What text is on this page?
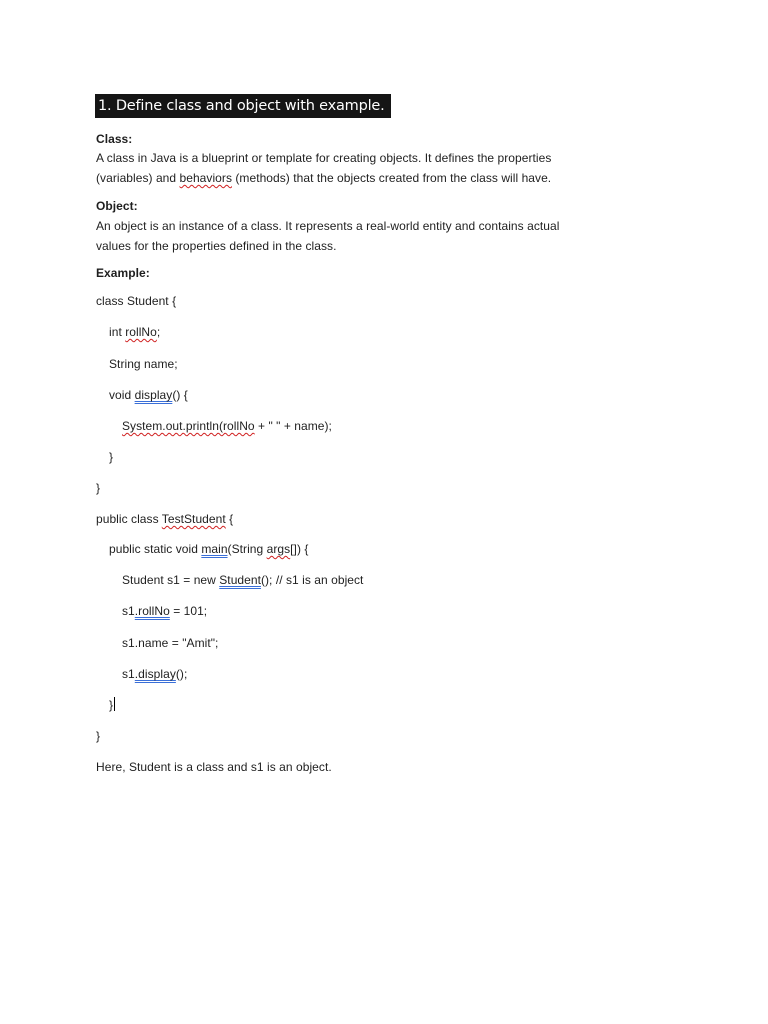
1. Define class and object with example.
Class:
A class in Java is a blueprint or template for creating objects. It defines the properties
(variables) and behaviors (methods) that the objects created from the class will have.
Object:
An object is an instance of a class. It represents a real-world entity and contains actual
values for the properties defined in the class.
Example:
class Student {
int rollNo;
String name;
void display() {
System.out.println(rollNo + " " + name);
}
}
public class TestStudent {
public static void main(String args[]) {
Student s1 = new Student(); // s1 is an object
s1.rollNo = 101;
s1.name = "Amit";
s1.display();
}
}
Here, Student is a class and s1 is an object.
